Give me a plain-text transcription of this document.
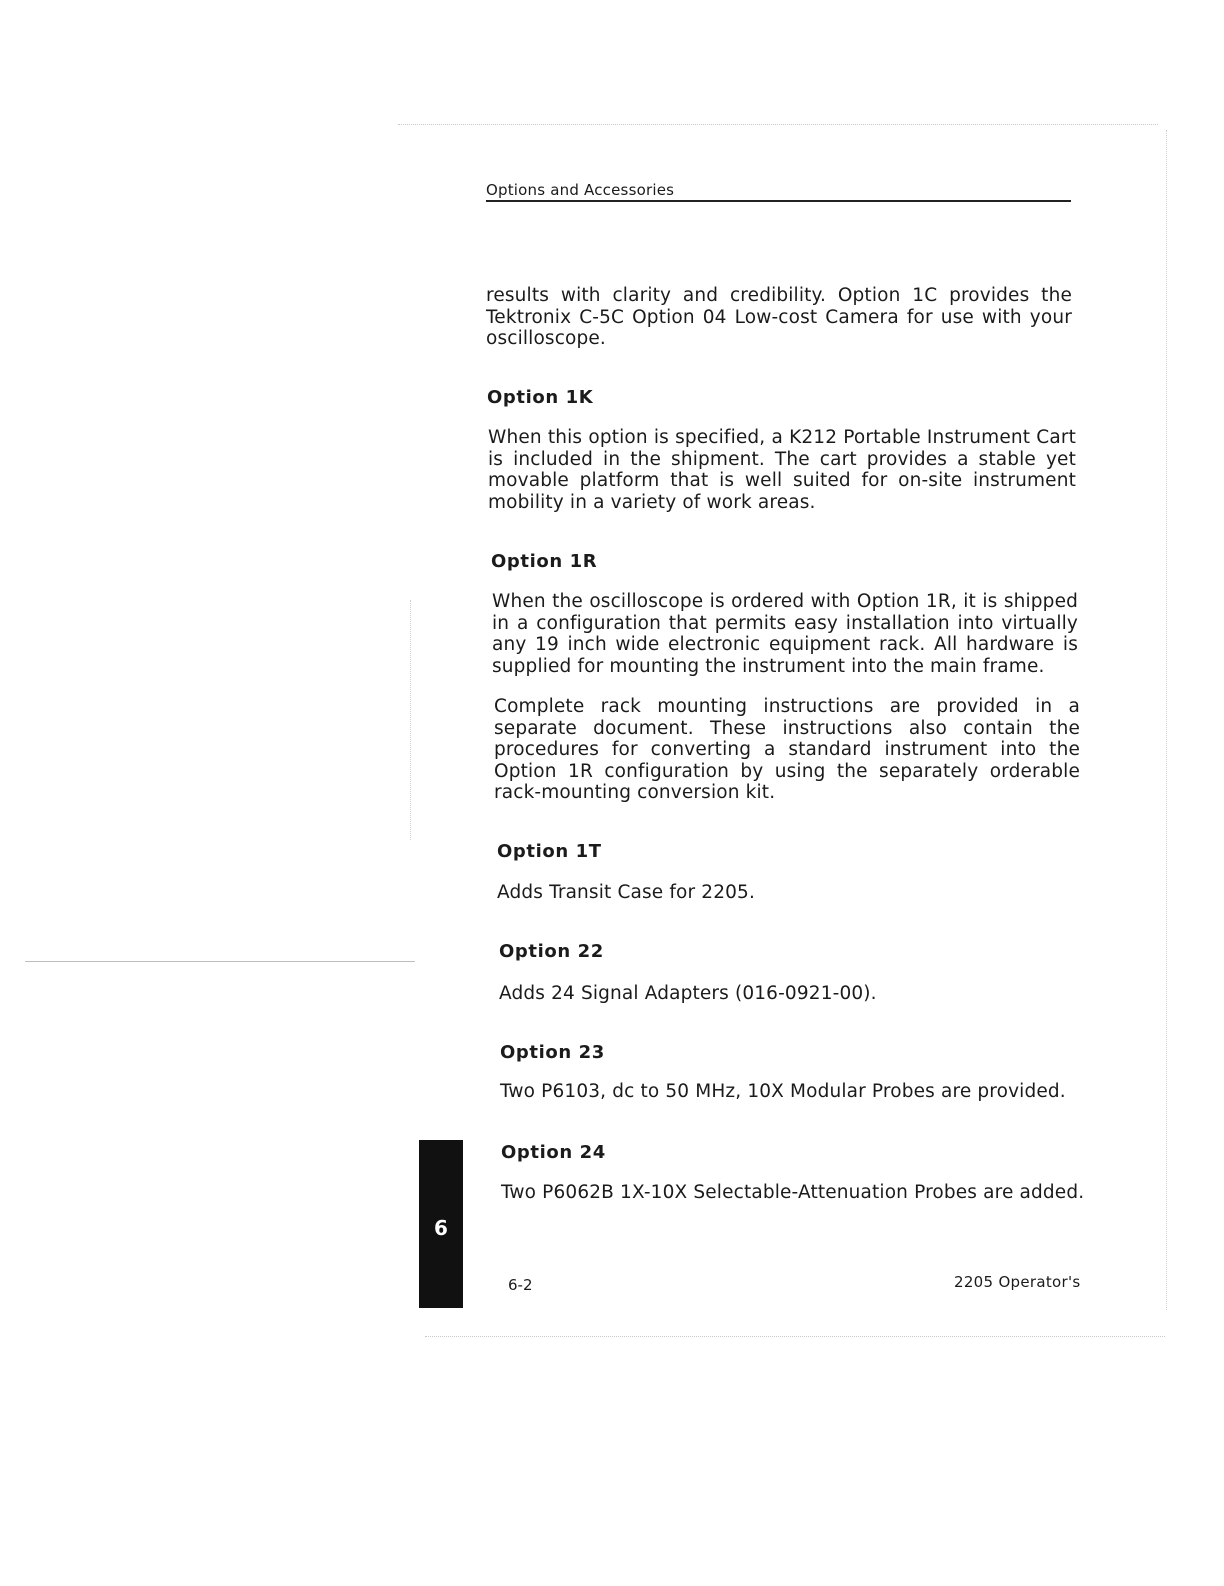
Options and Accessories

results with clarity and credibility. Option 1C provides the Tektronix C-5C Option 04 Low-cost Camera for use with your oscilloscope.

Option 1K

When this option is specified, a K212 Portable Instrument Cart is included in the shipment. The cart provides a stable yet movable platform that is well suited for on-site instrument mobility in a variety of work areas.

Option 1R

When the oscilloscope is ordered with Option 1R, it is shipped in a configuration that permits easy installation into virtually any 19 inch wide electronic equipment rack. All hardware is supplied for mounting the instrument into the main frame.

Complete rack mounting instructions are provided in a separate document. These instructions also contain the procedures for converting a standard instrument into the Option 1R configuration by using the separately orderable rack-mounting conversion kit.

Option 1T

Adds Transit Case for 2205.

Option 22

Adds 24 Signal Adapters (016-0921-00).

Option 23

Two P6103, dc to 50 MHz, 10X Modular Probes are provided.

Option 24

Two P6062B 1X-10X Selectable-Attenuation Probes are added.

6
6-2	2205 Operator's
